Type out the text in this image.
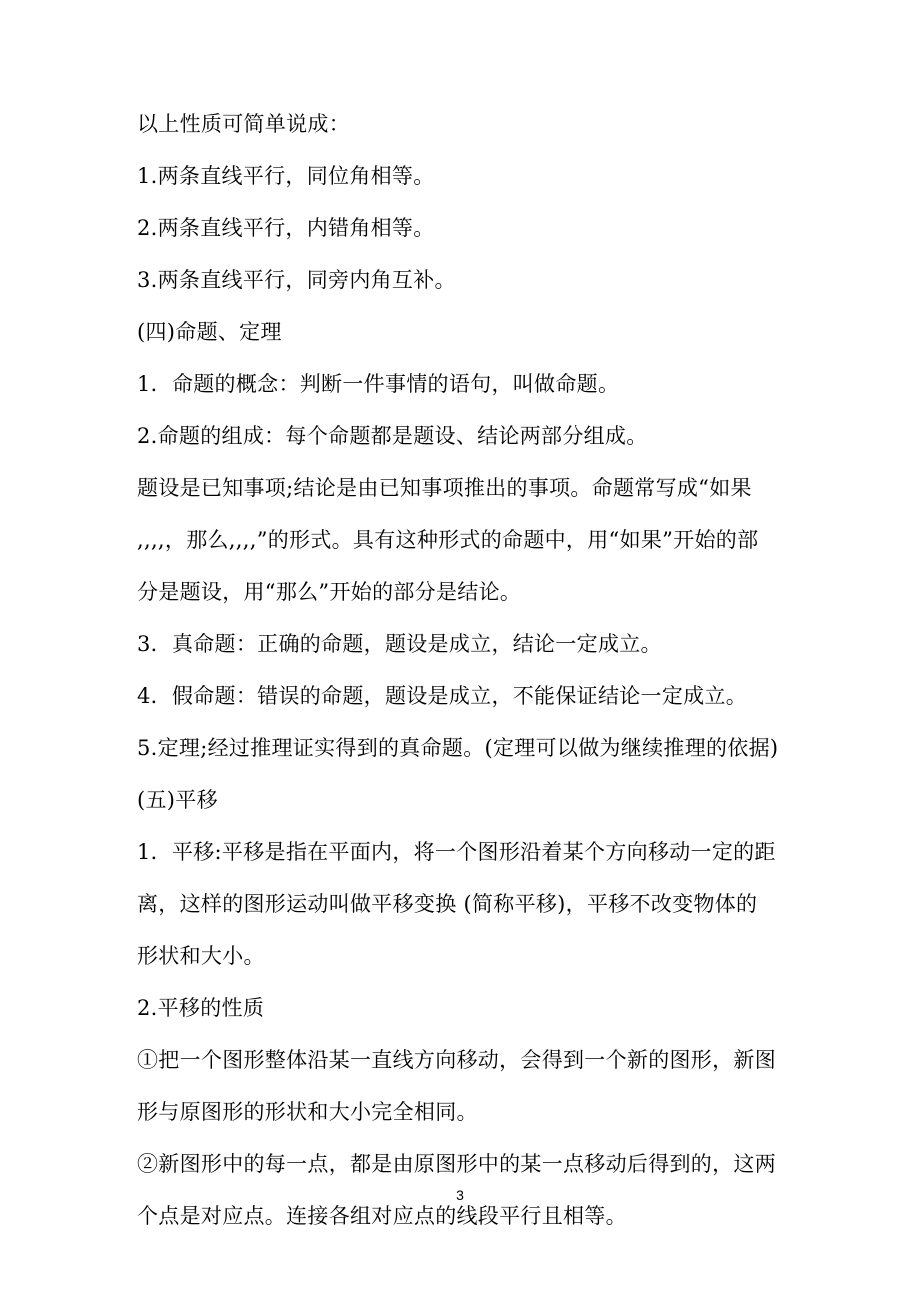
以上性质可简单说成：
1.两条直线平行，同位角相等。
2.两条直线平行，内错角相等。
3.两条直线平行，同旁内角互补。
(四)命题、定理
1．命题的概念：判断一件事情的语句，叫做命题。
2.命题的组成：每个命题都是题设、结论两部分组成。
题设是已知事项;结论是由已知事项推出的事项。命题常写成“如果
,,,,，那么,,,,”的形式。具有这种形式的命题中，用“如果”开始的部
分是题设，用“那么”开始的部分是结论。
3．真命题：正确的命题，题设是成立，结论一定成立。
4．假命题：错误的命题，题设是成立，不能保证结论一定成立。
5.定理;经过推理证实得到的真命题。(定理可以做为继续推理的依据)
(五)平移
1．平移:平移是指在平面内，将一个图形沿着某个方向移动一定的距
离，这样的图形运动叫做平移变换 (简称平移)，平移不改变物体的
形状和大小。
2.平移的性质
①把一个图形整体沿某一直线方向移动，会得到一个新的图形，新图
形与原图形的形状和大小完全相同。
②新图形中的每一点，都是由原图形中的某一点移动后得到的，这两
个点是对应点。连接各组对应点的线段平行且相等。
3
